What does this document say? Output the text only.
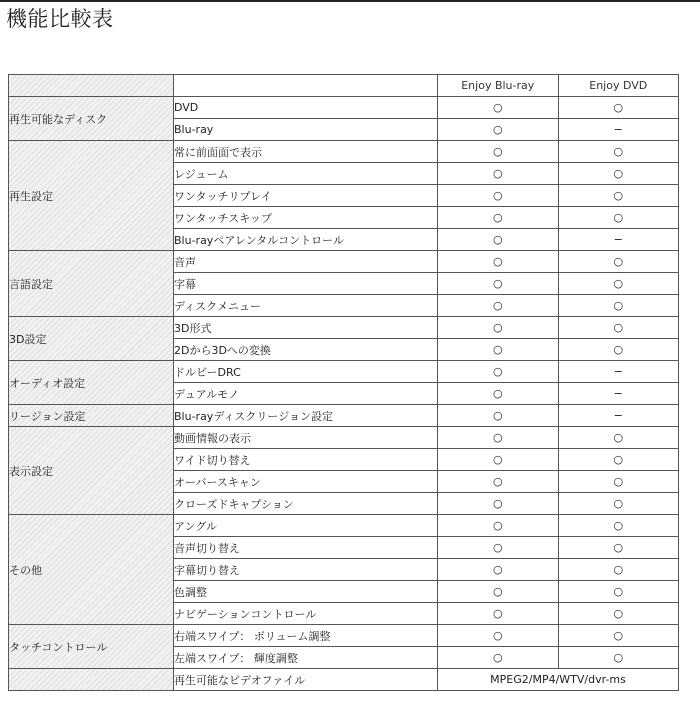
機能比較表
		Enjoy Blu-ray	Enjoy DVD
再生可能なディスク	DVD	○	○
	Blu-ray	○	−
再生設定	常に前面面で表示	○	○
	レジューム	○	○
	ワンタッチリプレイ	○	○
	ワンタッチスキップ	○	○
	Blu-rayペアレンタルコントロール	○	−
言語設定	音声	○	○
	字幕	○	○
	ディスクメニュー	○	○
3D設定	3D形式	○	○
	2Dから3Dへの変換	○	○
オーディオ設定	ドルビーDRC	○	−
	デュアルモノ	○	−
リージョン設定	Blu-rayディスクリージョン設定	○	−
表示設定	動画情報の表示	○	○
	ワイド切り替え	○	○
	オーバースキャン	○	○
	クローズドキャプション	○	○
その他	アングル	○	○
	音声切り替え	○	○
	字幕切り替え	○	○
	色調整	○	○
	ナビゲーションコントロール	○	○
タッチコントロール	右端スワイプ： ボリューム調整	○	○
	左端スワイプ： 輝度調整	○	○
	再生可能なビデオファイル	MPEG2/MP4/WTV/dvr-ms	
